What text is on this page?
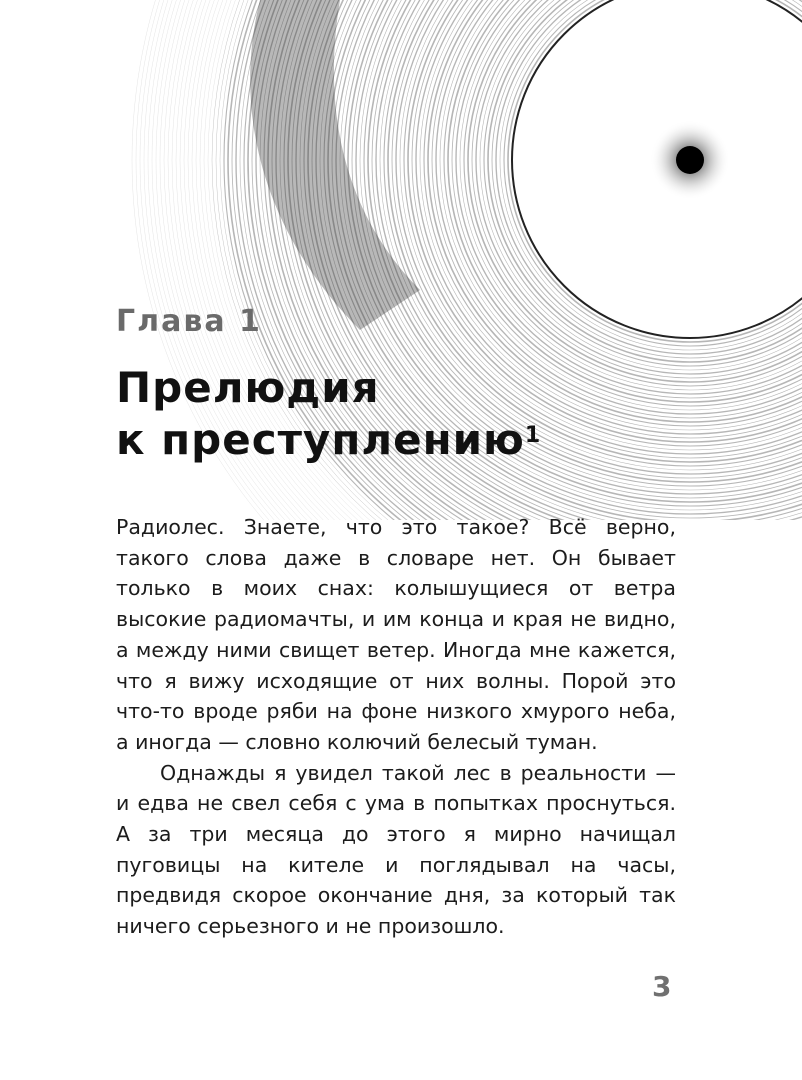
Глава 1
Прелюдия
к преступлению$^1$

Радиолес. Знаете, что это такое? Всё верно, такого слова даже в словаре нет. Он бывает только в моих снах: колышущиеся от ветра высокие радиомачты, и им конца и края не видно, а между ними свищет ветер. Иногда мне кажется, что я вижу исходящие от них волны. Порой это что-то вроде ряби на фоне низкого хмурого неба, а иногда — словно колючий белесый туман.

Однажды я увидел такой лес в реальности — и едва не свел себя с ума в попытках проснуться. А за три месяца до этого я мирно начищал пуговицы на кителе и поглядывал на часы, предвидя скорое окончание дня, за который так ничего серьезного и не произошло.

3
